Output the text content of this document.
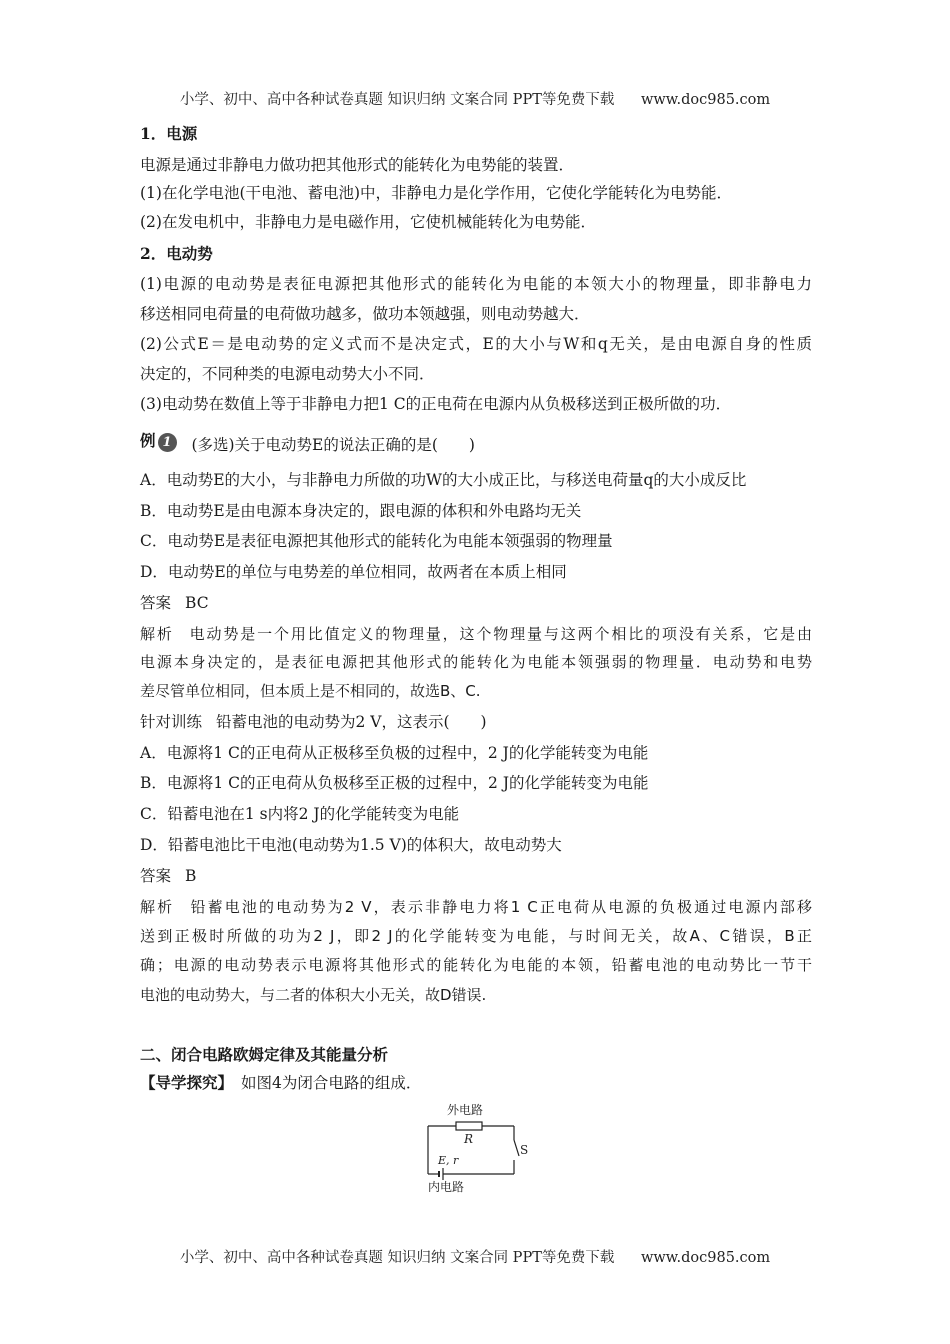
小学、初中、高中各种试卷真题 知识归纳 文案合同 PPT等免费下载 www.doc985.com
1．电源
电源是通过非静电力做功把其他形式的能转化为电势能的装置．
(1)在化学电池(干电池、蓄电池)中，非静电力是化学作用，它使化学能转化为电势能．
(2)在发电机中，非静电力是电磁作用，它使机械能转化为电势能．
2．电动势
(1)电源的电动势是表征电源把其他形式的能转化为电能的本领大小的物理量，即非静电力
移送相同电荷量的电荷做功越多，做功本领越强，则电动势越大．
(2)公式E＝是电动势的定义式而不是决定式，E的大小与W和q无关，是由电源自身的性质
决定的，不同种类的电源电动势大小不同．
(3)电动势在数值上等于非静电力把1 C的正电荷在电源内从负极移送到正极所做的功．
例 1 (多选)关于电动势E的说法正确的是(　　)
A．电动势E的大小，与非静电力所做的功W的大小成正比，与移送电荷量q的大小成反比
B．电动势E是由电源本身决定的，跟电源的体积和外电路均无关
C．电动势E是表征电源把其他形式的能转化为电能本领强弱的物理量
D．电动势E的单位与电势差的单位相同，故两者在本质上相同
答案 BC
解析 电动势是一个用比值定义的物理量，这个物理量与这两个相比的项没有关系，它是由
电源本身决定的，是表征电源把其他形式的能转化为电能本领强弱的物理量．电动势和电势
差尽管单位相同，但本质上是不相同的，故选B、C.
针对训练 铅蓄电池的电动势为2 V，这表示(　　)
A．电源将1 C的正电荷从正极移至负极的过程中，2 J的化学能转变为电能
B．电源将1 C的正电荷从负极移至正极的过程中，2 J的化学能转变为电能
C．铅蓄电池在1 s内将2 J的化学能转变为电能
D．铅蓄电池比干电池(电动势为1.5 V)的体积大，故电动势大
答案 B
解析 铅蓄电池的电动势为2 V，表示非静电力将1 C正电荷从电源的负极通过电源内部移
送到正极时所做的功为2 J，即2 J的化学能转变为电能，与时间无关，故A、C错误，B正
确；电源的电动势表示电源将其他形式的能转化为电能的本领，铅蓄电池的电动势比一节干
电池的电动势大，与二者的体积大小无关，故D错误.
二、闭合电路欧姆定律及其能量分析
【导学探究】 如图4为闭合电路的组成．
外电路
R
S
E, r
内电路
小学、初中、高中各种试卷真题 知识归纳 文案合同 PPT等免费下载 www.doc985.com
